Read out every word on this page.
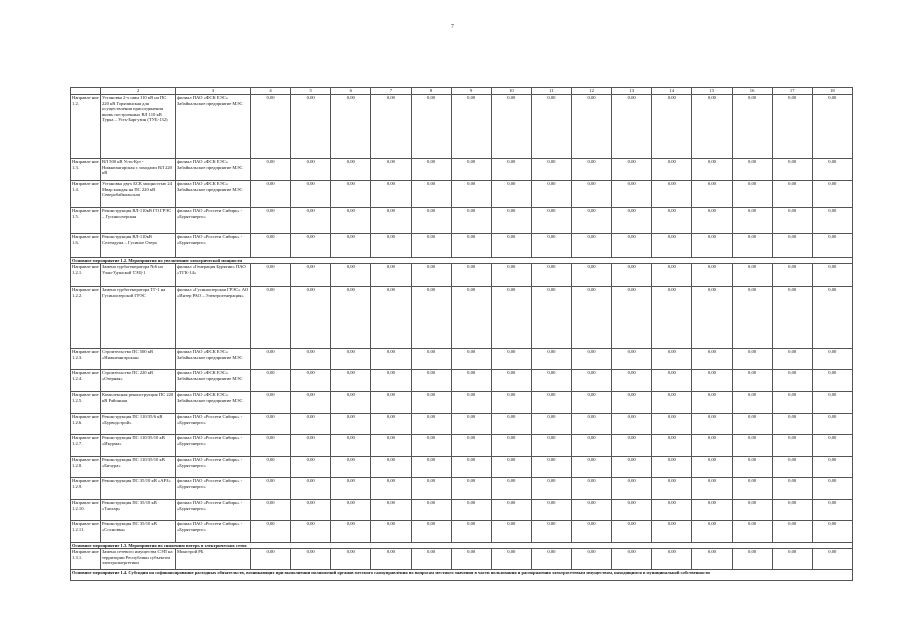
7
	2	3	4	5	6	7	8	9	10	11	12	13	14	15	16	17	18
Направле ние 1.2.	Установка 2-х шин 110 кВ на ПС 220 кВ Горячинская для осуществления присоединения вновь построенных ВЛ 110 кВ Турка – Усть-Баргузин (ТУБ-132)	филиал ПАО «ФСК ЕЭС» Забайкальское предприятие МЭС	0,00	0,00	0,00	0,00	0,00	0,00	0,00	0,00	0,00	0,00	0,00	0,00	0,00	0,00	0,00
Направле ние 1.3.	ВЛ 500 кВ Усть-Кут - Нижнеангарская с заходами ВЛ 220 кВ	филиал ПАО «ФСК ЕЭС» Забайкальское предприятие МЭС	0,00	0,00	0,00	0,00	0,00	0,00	0,00	0,00	0,00	0,00	0,00	0,00	0,00	0,00	0,00
Направле ние 1.4.	Установка двух БСК мощностью 24 Мвар каждая на ПС 220 кВ Северобайкальская	филиал ПАО «ФСК ЕЭС» Забайкальское предприятие МЭС	0,00	0,00	0,00	0,00	0,00	0,00	0,00	0,00	0,00	0,00	0,00	0,00	0,00	0,00	0,00
Направле ние 1.5.	Реконструкция ВЛ-110кВ ГО ГРЭС – Гусиноозерская	филиал ПАО «Россети Сибирь» - «Бурятэнерго»	0,00	0,00	0,00	0,00	0,00	0,00	0,00	0,00	0,00	0,00	0,00	0,00	0,00	0,00	0,00
Направле ние 1.6.	Реконструкция ВЛ-110кВ Селендума – Гусиное Озеро	филиал ПАО «Россети Сибирь» - «Бурятэнерго»	0,00	0,00	0,00	0,00	0,00	0,00	0,00	0,00	0,00	0,00	0,00	0,00	0,00	0,00	0,00
Основное мероприятие 1.2. Мероприятия по увеличению электрической мощности																	
Направле ние 1.2.1.	Замена турбогенератора №6 на Улан-Удэнской ТЭЦ-1	филиал «Генерация Бурятии» ПАО «ТГК-14»	0,00	0,00	0,00	0,00	0,00	0,00	0,00	0,00	0,00	0,00	0,00	0,00	0,00	0,00	0,00
Направле ние 1.2.2.	Замена турбогенератора ТГ-1 на Гусиноозерской ГРЭС	филиал «Гусиноозерская ГРЭС» АО «Интер РАО – Электрогенерация»	0,00	0,00	0,00	0,00	0,00	0,00	0,00	0,00	0,00	0,00	0,00	0,00	0,00	0,00	0,00
Направле ние 1.2.3.	Строительство ПС 500 кВ «Нижнеангарская»	филиал ПАО «ФСК ЕЭС» Забайкальское предприятие МЭС	0,00	0,00	0,00	0,00	0,00	0,00	0,00	0,00	0,00	0,00	0,00	0,00	0,00	0,00	0,00
Направле ние 1.2.4.	Строительство ПС 220 кВ «Озерная»	филиал ПАО «ФСК ЕЭС» Забайкальское предприятие МЭС	0,00	0,00	0,00	0,00	0,00	0,00	0,00	0,00	0,00	0,00	0,00	0,00	0,00	0,00	0,00
Направле ние 1.2.5.	Комплексная реконструкция ПС 220 кВ Районная	филиал ПАО «ФСК ЕЭС» Забайкальское предприятие МЭС	0,00	0,00	0,00	0,00	0,00	0,00	0,00	0,00	0,00	0,00	0,00	0,00	0,00	0,00	0,00
Направле ние 1.2.6.	Реконструкция ПС 110/35/6 кВ «Бурводстрой»	филиал ПАО «Россети Сибирь» - «Бурятэнерго»	0,00	0,00	0,00	0,00	0,00	0,00	0,00	0,00	0,00	0,00	0,00	0,00	0,00	0,00	0,00
Направле ние 1.2.7.	Реконструкция ПС 110/35/10 кВ «Икурма»	филиал ПАО «Россети Сибирь» - «Бурятэнерго»	0,00	0,00	0,00	0,00	0,00	0,00	0,00	0,00	0,00	0,00	0,00	0,00	0,00	0,00	0,00
Направле ние 1.2.8.	Реконструкция ПС 110/35/10 кВ «Бичура»	филиал ПАО «Россети Сибирь» - «Бурятэнерго»	0,00	0,00	0,00	0,00	0,00	0,00	0,00	0,00	0,00	0,00	0,00	0,00	0,00	0,00	0,00
Направле ние 1.2.9.	Реконструкция ПС 35/10 кВ «АРЗ»	филиал ПАО «Россети Сибирь» - «Бурятэнерго»	0,00	0,00	0,00	0,00	0,00	0,00	0,00	0,00	0,00	0,00	0,00	0,00	0,00	0,00	0,00
Направле ние 1.2.10.	Реконструкция ПС 35/10 кВ «Тапхар»	филиал ПАО «Россети Сибирь» - «Бурятэнерго»	0,00	0,00	0,00	0,00	0,00	0,00	0,00	0,00	0,00	0,00	0,00	0,00	0,00	0,00	0,00
Направле ние 1.2.11.	Реконструкция ПС 35/10 кВ «Сосновка»	филиал ПАО «Россети Сибирь» - «Бурятэнерго»	0,00	0,00	0,00	0,00	0,00	0,00	0,00	0,00	0,00	0,00	0,00	0,00	0,00	0,00	0,00
Основное мероприятие 1.3. Мероприятия по снижению потерь в электрических сетях																	
Направле ние 1.3.1.	Замена сетевого имущества СЭП на территории Республики субъектом электроэнергетики	Минстрой РБ	0,00	0,00	0,00	0,00	0,00	0,00	0,00	0,00	0,00	0,00	0,00	0,00	0,00	0,00	0,00
Основное мероприятие 1.4. Субсидии на софинансирование расходных обязательств, возникающих при выполнении полномочий органов местного самоуправления по вопросам местного значения в части пользования и распоряжения электросетевым имуществом, находящимся в муниципальной собственности																	
